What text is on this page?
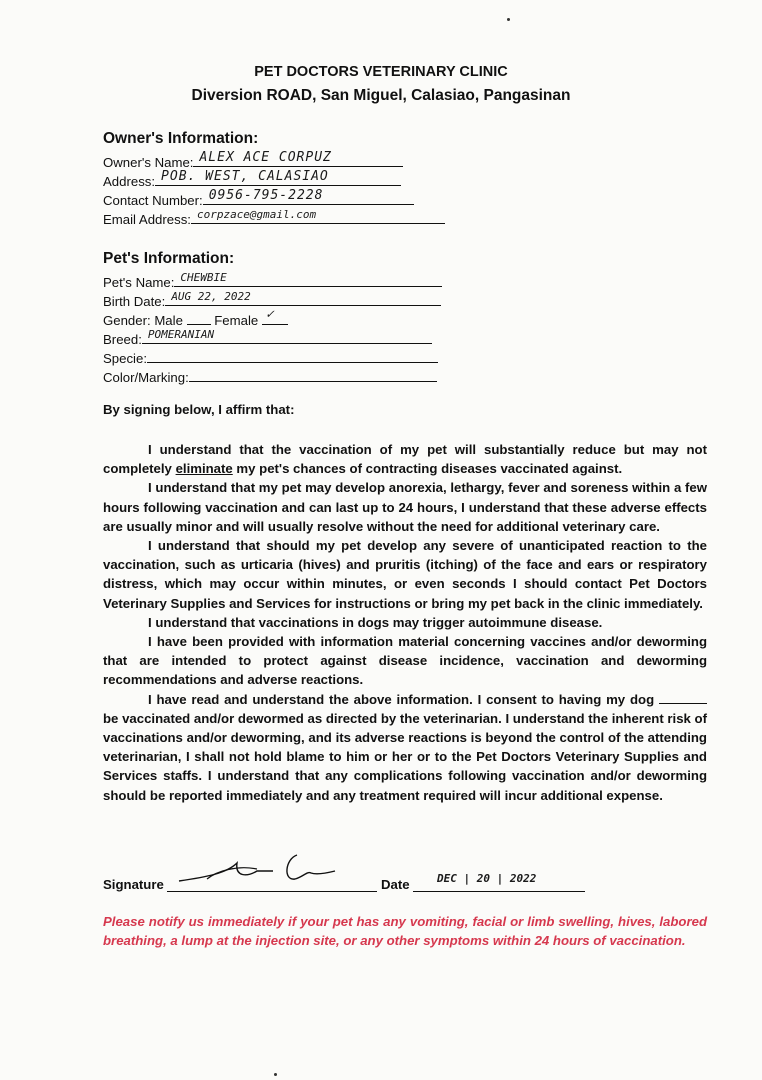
PET DOCTORS VETERINARY CLINIC
Diversion ROAD, San Miguel, Calasiao, Pangasinan
Owner's Information:
Owner's Name: ALEX ACE CORPUZ
Address: POB. WEST, CALASIAO
Contact Number: 0956-795-2228
Email Address: corpzace@gmail.com
Pet's Information:
Pet's Name: CHEWBIE
Birth Date: AUG 22, 2022
Gender: Male Female ✓
Breed: POMERANIAN
Specie:
Color/Marking:
By signing below, I affirm that:

I understand that the vaccination of my pet will substantially reduce but may not completely eliminate my pet's chances of contracting diseases vaccinated against.

I understand that my pet may develop anorexia, lethargy, fever and soreness within a few hours following vaccination and can last up to 24 hours, I understand that these adverse effects are usually minor and will usually resolve without the need for additional veterinary care.

I understand that should my pet develop any severe of unanticipated reaction to the vaccination, such as urticaria (hives) and pruritis (itching) of the face and ears or respiratory distress, which may occur within minutes, or even seconds I should contact Pet Doctors Veterinary Supplies and Services for instructions or bring my pet back in the clinic immediately.

I understand that vaccinations in dogs may trigger autoimmune disease.

I have been provided with information material concerning vaccines and/or deworming that are intended to protect against disease incidence, vaccination and deworming recommendations and adverse reactions.

I have read and understand the above information. I consent to having my dog  be vaccinated and/or dewormed as directed by the veterinarian. I understand the inherent risk of vaccinations and/or deworming, and its adverse reactions is beyond the control of the attending veterinarian, I shall not hold blame to him or her or to the Pet Doctors Veterinary Supplies and Services staffs. I understand that any complications following vaccination and/or deworming should be reported immediately and any treatment required will incur additional expense.

Signature	Date DEC | 20 | 2022
Please notify us immediately if your pet has any vomiting, facial or limb swelling, hives, labored breathing, a lump at the injection site, or any other symptoms within 24 hours of vaccination.
